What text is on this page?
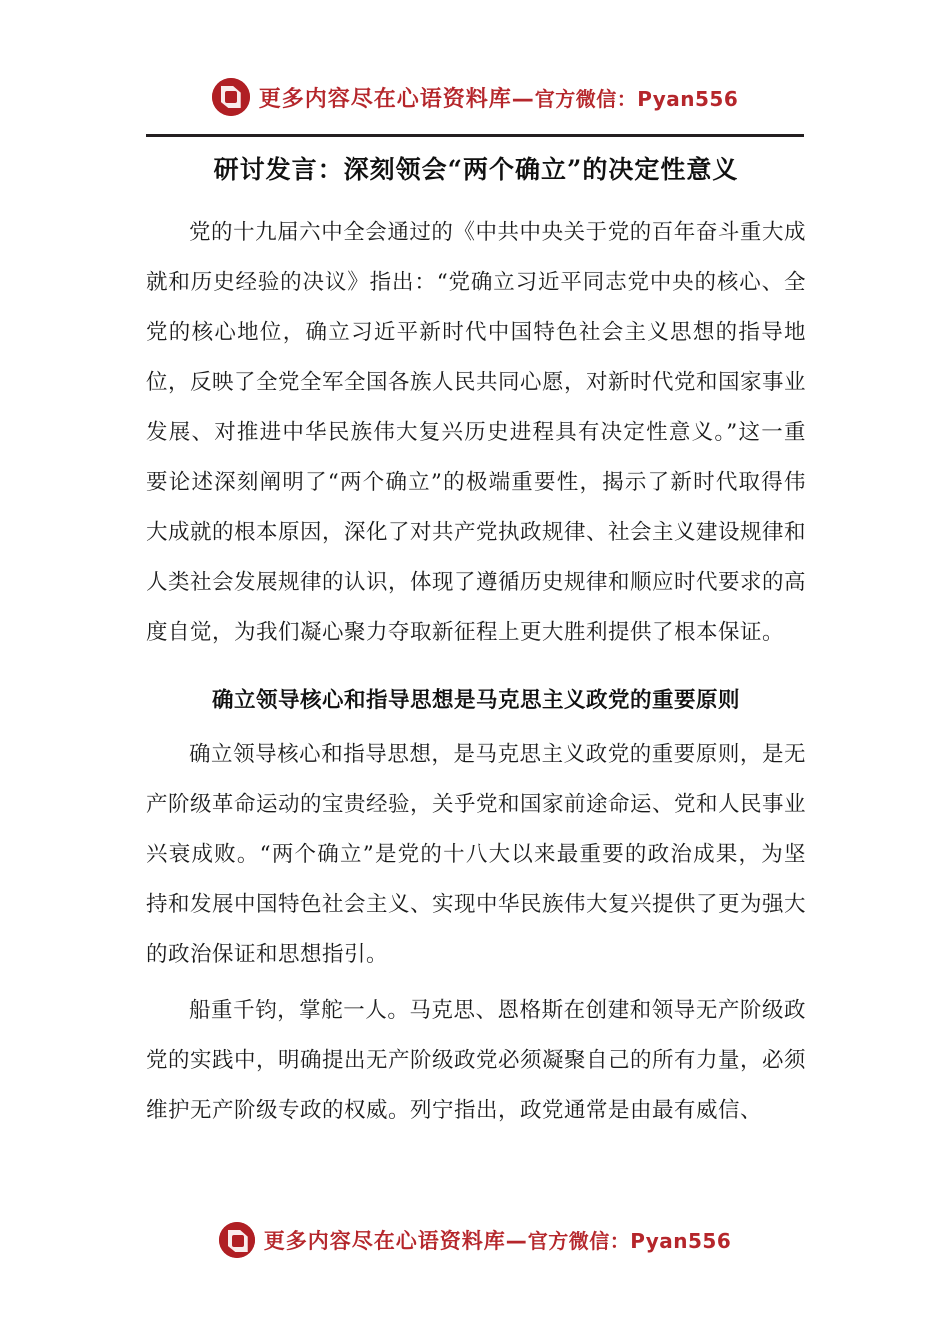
更多内容尽在心语资料库—官方微信：Pyan556
研讨发言：深刻领会“两个确立”的决定性意义

党的十九届六中全会通过的《中共中央关于党的百年奋斗重大成就和历史经验的决议》指出：“党确立习近平同志党中央的核心、全党的核心地位，确立习近平新时代中国特色社会主义思想的指导地位，反映了全党全军全国各族人民共同心愿，对新时代党和国家事业发展、对推进中华民族伟大复兴历史进程具有决定性意义。”这一重要论述深刻阐明了“两个确立”的极端重要性，揭示了新时代取得伟大成就的根本原因，深化了对共产党执政规律、社会主义建设规律和人类社会发展规律的认识，体现了遵循历史规律和顺应时代要求的高度自觉，为我们凝心聚力夺取新征程上更大胜利提供了根本保证。

确立领导核心和指导思想是马克思主义政党的重要原则

确立领导核心和指导思想，是马克思主义政党的重要原则，是无产阶级革命运动的宝贵经验，关乎党和国家前途命运、党和人民事业兴衰成败。“两个确立”是党的十八大以来最重要的政治成果，为坚持和发展中国特色社会主义、实现中华民族伟大复兴提供了更为强大的政治保证和思想指引。

船重千钧，掌舵一人。马克思、恩格斯在创建和领导无产阶级政党的实践中，明确提出无产阶级政党必须凝聚自己的所有力量，必须维护无产阶级专政的权威。列宁指出，政党通常是由最有威信、

更多内容尽在心语资料库—官方微信：Pyan556
